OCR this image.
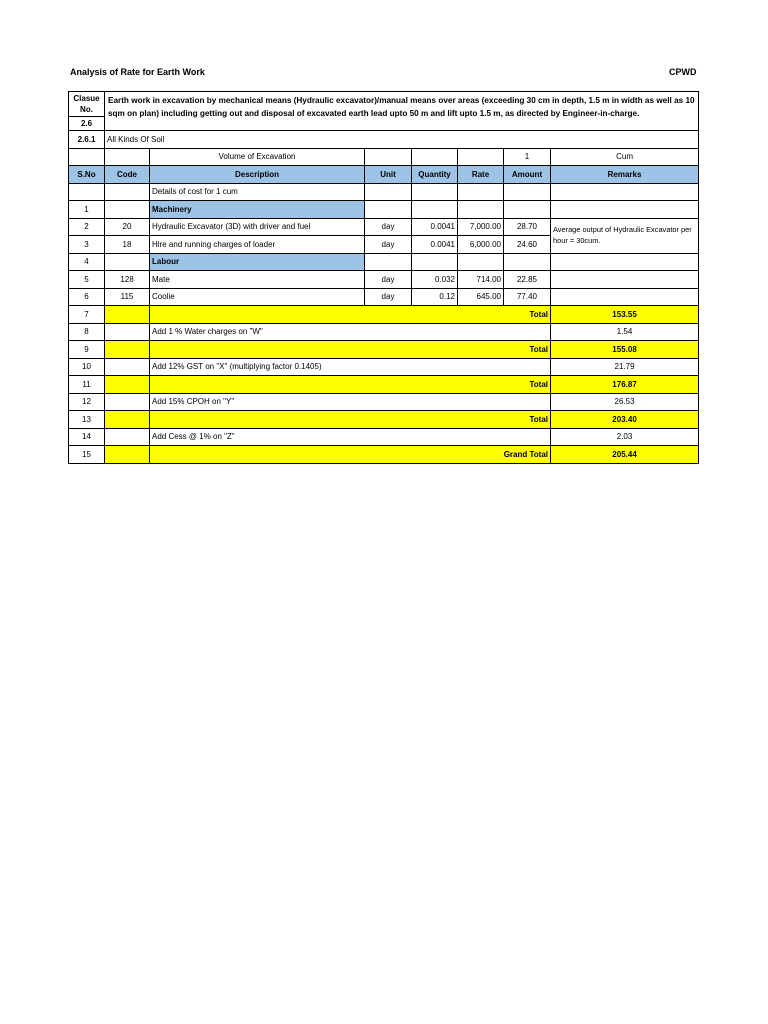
Analysis of Rate for Earth Work	CPWD
Clasue No.	Earth work in excavation by mechanical means (Hydraulic excavator)/manual means over areas (exceeding 30 cm in depth, 1.5 m in width as well as 10 sqm on plan) including getting out and disposal of excavated earth lead upto 50 m and lift upto 1.5 m, as directed by Engineer-in-charge.							
2.6								
2.6.1	All Kinds Of Soil							
		Volume of Excavation				1	Cum	
S.No	Code	Description	Unit	Quantity	Rate	Amount	Remarks	
		Details of cost for 1 cum						
1		Machinery						
2	20	Hydraulic Excavator (3D) with driver and fuel	day	0.0041	7,000.00	28.70	Average output of Hydraulic Excavator per hour = 30cum.	
3	18	Hire and running charges of loader	day	0.0041	6,000.00	24.60		
4		Labour						
5	128	Mate	day	0.032	714.00	22.85		
6	115	Coolie	day	0.12	645.00	77.40		
7		Total					153.55	
8		Add 1 % Water charges on "W"					1.54	
9		Total					155.08	
10		Add 12% GST on "X" (multiplying factor 0.1405)					21.79	
11		Total					176.87	
12		Add 15% CPOH on "Y"					26.53	
13		Total					203.40	
14		Add Cess @ 1% on "Z"					2.03	
15		Grand Total					205.44	
